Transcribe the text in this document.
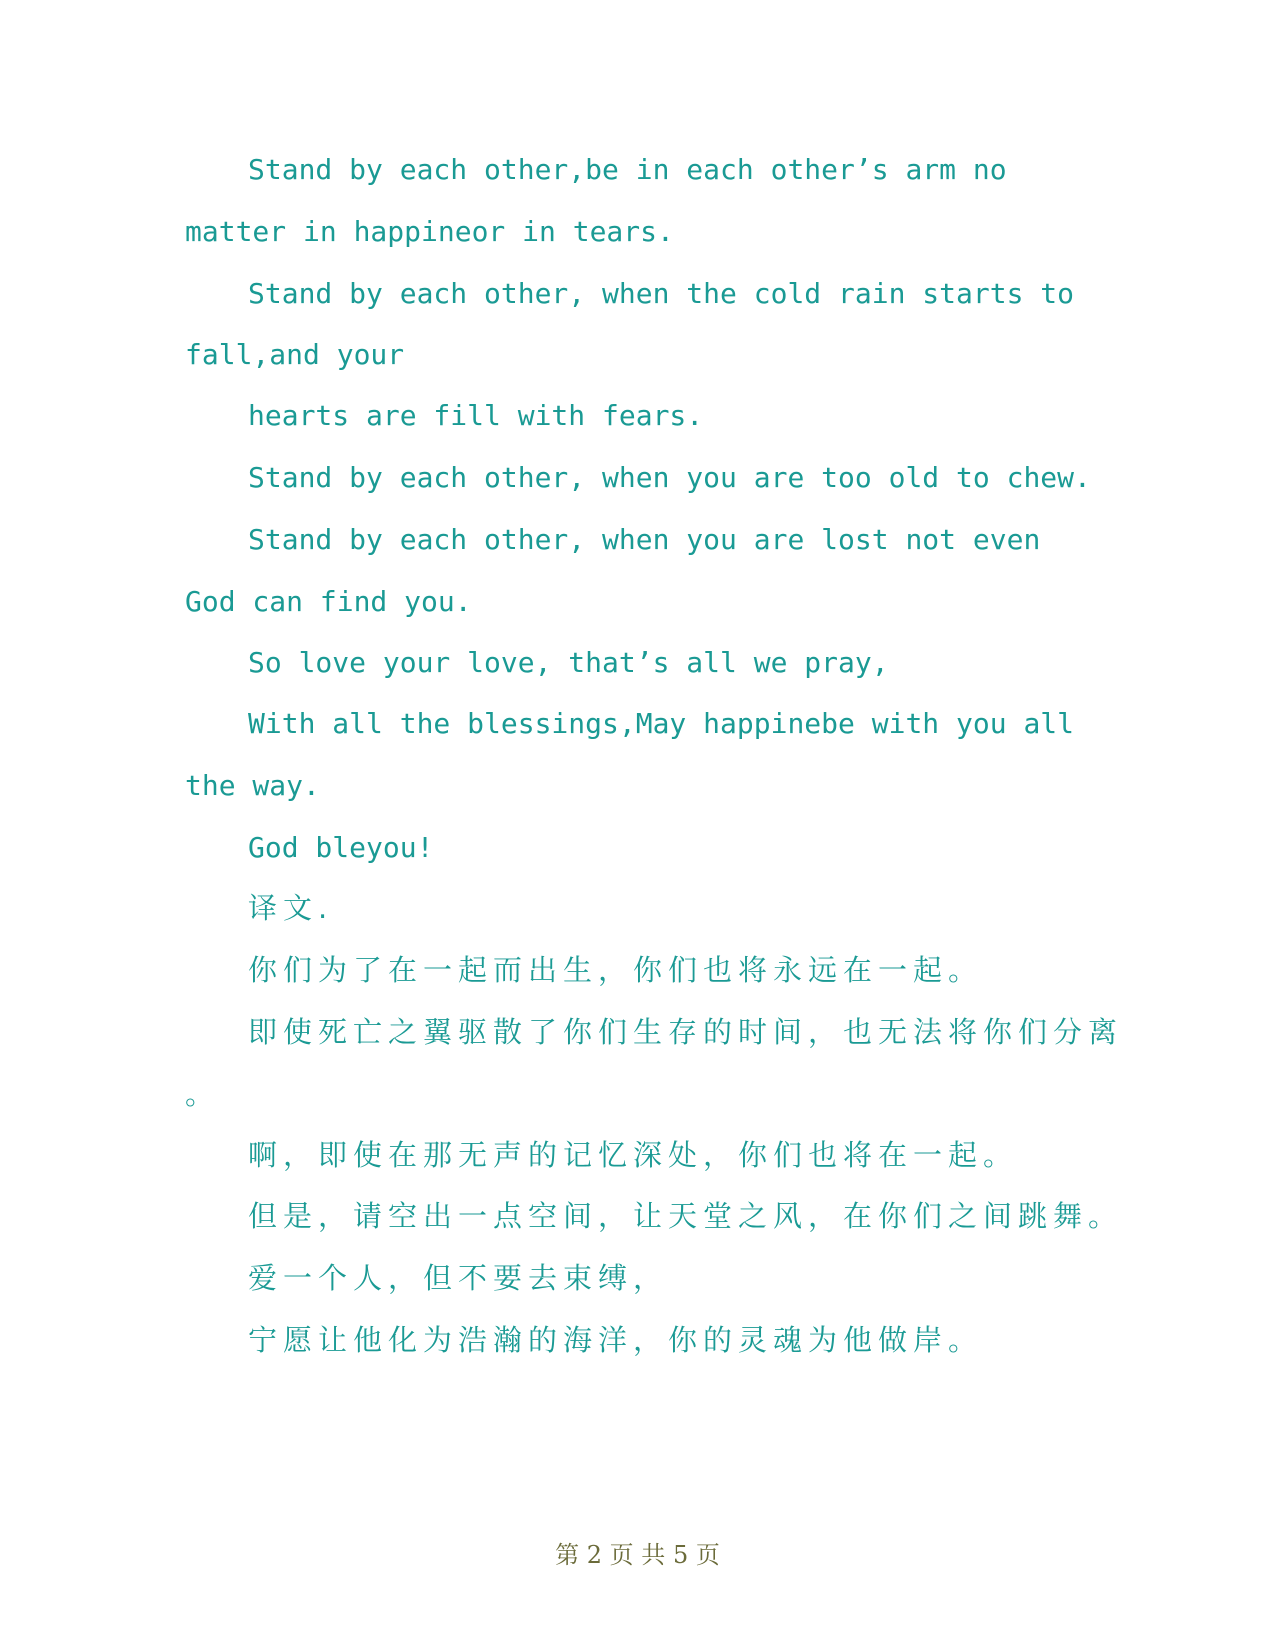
Stand by each other,be in each other’s arm no
matter in happineor in tears.
Stand by each other, when the cold rain starts to
fall,and your
hearts are fill with fears.
Stand by each other, when you are too old to chew.
Stand by each other, when you are lost not even
God can find you.
So love your love, that’s all we pray,
With all the blessings,May happinebe with you all
the way.
God bleyou!
译文.
你们为了在一起而出生，你们也将永远在一起。
即使死亡之翼驱散了你们生存的时间，也无法将你们分离
。
啊，即使在那无声的记忆深处，你们也将在一起。
但是，请空出一点空间，让天堂之风，在你们之间跳舞。
爱一个人，但不要去束缚，
宁愿让他化为浩瀚的海洋，你的灵魂为他做岸。
第 2 页 共 5 页
